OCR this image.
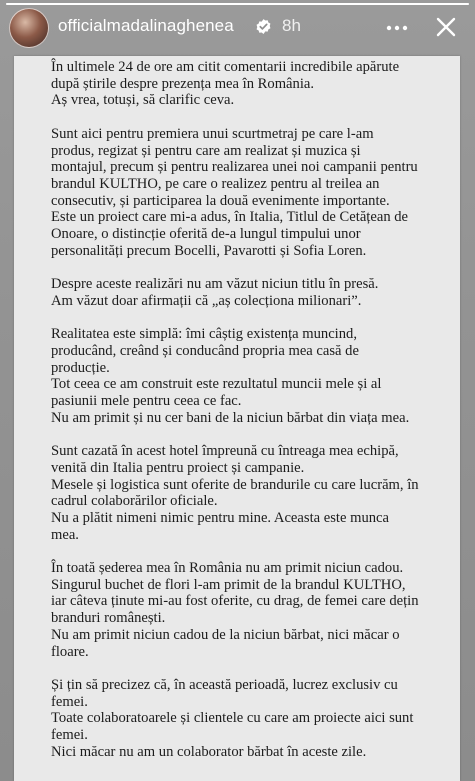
officialmadalinaghenea	8h

În ultimele 24 de ore am citit comentarii incredibile apărute după știrile despre prezența mea în România.
Aș vrea, totuși, să clarific ceva.

Sunt aici pentru premiera unui scurtmetraj pe care l-am produs, regizat și pentru care am realizat și muzica și montajul, precum și pentru realizarea unei noi campanii pentru brandul KULTHO, pe care o realizez pentru al treilea an consecutiv, și participarea la două evenimente importante.
Este un proiect care mi-a adus, în Italia, Titlul de Cetățean de Onoare, o distincție oferită de-a lungul timpului unor personalități precum Bocelli, Pavarotti și Sofia Loren.

Despre aceste realizări nu am văzut niciun titlu în presă.
Am văzut doar afirmații că „aș colecționa milionari”.

Realitatea este simplă: îmi câștig existența muncind, producând, creând și conducând propria mea casă de producție.
Tot ceea ce am construit este rezultatul muncii mele și al pasiunii mele pentru ceea ce fac.
Nu am primit și nu cer bani de la niciun bărbat din viața mea.

Sunt cazată în acest hotel împreună cu întreaga mea echipă, venită din Italia pentru proiect și campanie.
Mesele și logistica sunt oferite de brandurile cu care lucrăm, în cadrul colaborărilor oficiale.
Nu a plătit nimeni nimic pentru mine. Aceasta este munca mea.

În toată șederea mea în România nu am primit niciun cadou.
Singurul buchet de flori l-am primit de la brandul KULTHO, iar câteva ținute mi-au fost oferite, cu drag, de femei care dețin branduri românești.
Nu am primit niciun cadou de la niciun bărbat, nici măcar o floare.

Și țin să precizez că, în această perioadă, lucrez exclusiv cu femei.
Toate colaboratoarele și clientele cu care am proiecte aici sunt femei.
Nici măcar nu am un colaborator bărbat în aceste zile.
